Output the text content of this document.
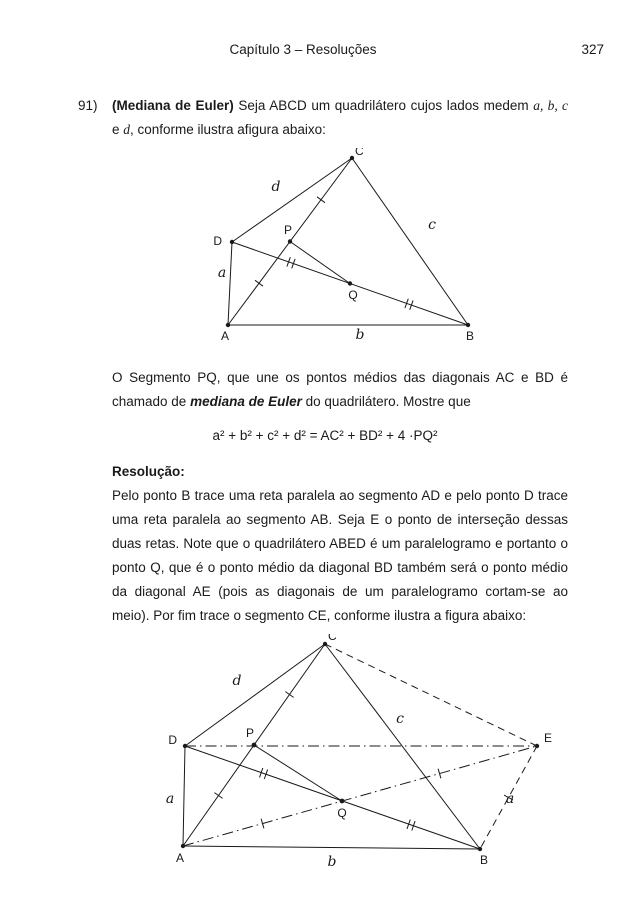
Capítulo 3 – Resoluções	327
91)	(Mediana de Euler) Seja ABCD um quadrilátero cujos lados medem a, b, c e d, conforme ilustra afigura abaixo:

C
D
P
Q
A	B
d
c
a
b

O Segmento PQ, que une os pontos médios das diagonais AC e BD é chamado de mediana de Euler do quadrilátero. Mostre que

a² + b² + c² + d² = AC² + BD² + 4 ·PQ²

Resolução:

Pelo ponto B trace uma reta paralela ao segmento AD e pelo ponto D trace uma reta paralela ao segmento AB. Seja E o ponto de interseção dessas duas retas. Note que o quadrilátero ABED é um paralelogramo e portanto o ponto Q, que é o ponto médio da diagonal BD também será o ponto médio da diagonal AE (pois as diagonais de um paralelogramo cortam-se ao meio). Por fim trace o segmento CE, conforme ilustra a figura abaixo:

C
D	P
Q
A	B
E
d
c
a
b
a
